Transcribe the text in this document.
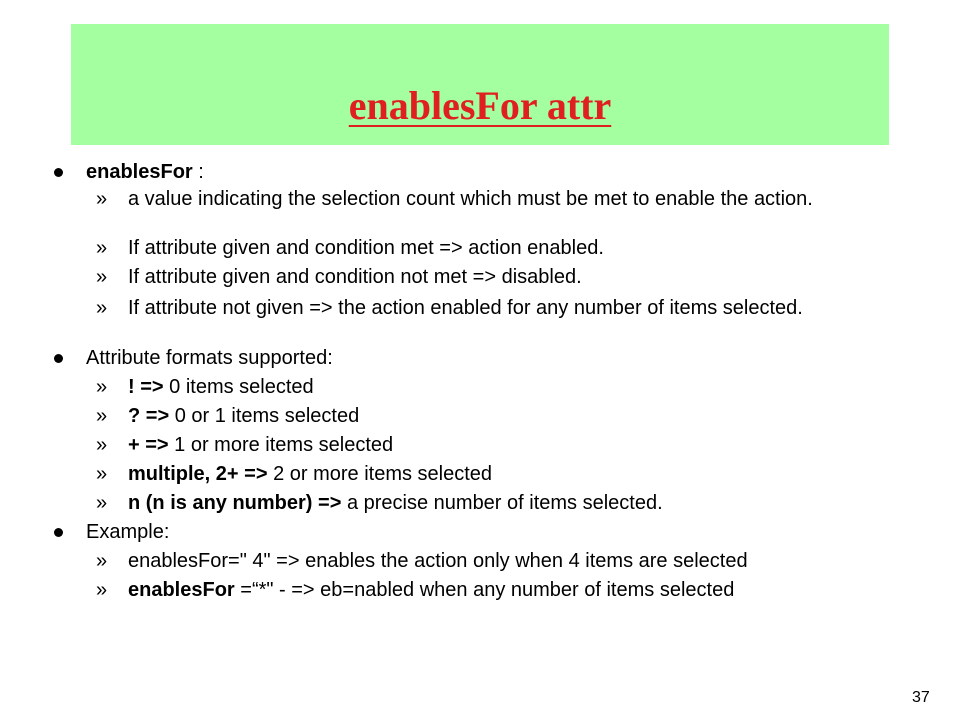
enablesFor attr
enablesFor :
» a value indicating the selection count which must be met to enable the action.
» If attribute given and condition met => action enabled.
» If attribute given and condition not met => disabled.
» If attribute not given => the action enabled for any number of items selected.
Attribute formats supported:
» ! => 0 items selected
» ? => 0 or 1 items selected
» + => 1 or more items selected
» multiple, 2+ => 2 or more items selected
» n (n is any number) => a precise number of items selected.
Example:
» enablesFor=" 4" => enables the action only when 4 items are selected
» enablesFor =“*" - => eb=nabled when any number of items selected
37
